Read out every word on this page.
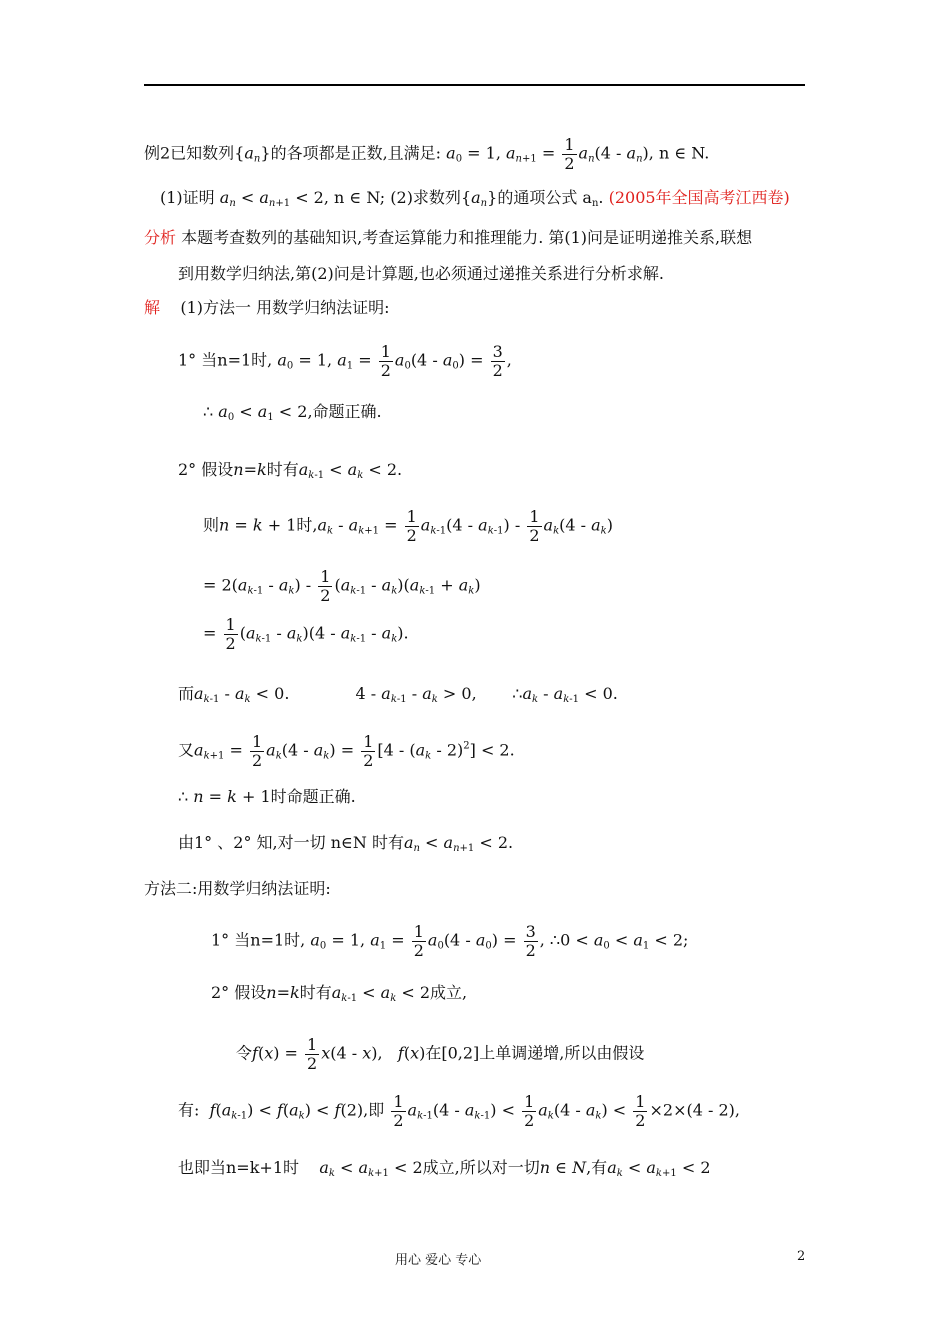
例2已知数列$\{a_n\}$的各项都是正数,且满足: $a_0 = 1$, $a_{n+1} = \frac{1}{2} a_n(4 - a_n)$, n ∈ N.
(1)证明 $a_n < a_{n+1} < 2$, n ∈ N; (2)求数列$\{a_n\}$的通项公式 $a_n$. (2005年全国高考江西卷)
分析 本题考查数列的基础知识,考查运算能力和推理能力. 第(1)问是证明递推关系,联想
到用数学归纳法,第(2)问是计算题,也必须通过递推关系进行分析求解.
解 (1)方法一 用数学归纳法证明:
1° 当n=1时, $a_0 = 1$, $a_1 = \frac{1}{2} a_0(4 - a_0) = \frac{3}{2}$ ,
∴ $a_0 < a_1 < 2$,命题正确.
2° 假设n=k时有$a_{k-1} < a_k < 2$.
则n = k + 1时$,a_k - a_{k+1} = \frac{1}{2} a_{k-1}(4 - a_{k-1}) - \frac{1}{2} a_k(4 - a_k)$
= $2(a_{k-1} - a_k) - \frac{1}{2} (a_{k-1} - a_k)(a_{k-1} + a_k)$
= $\frac{1}{2} (a_{k-1} - a_k)(4 - a_{k-1} - a_k)$.
而$a_{k-1} - a_k < 0$.             $4 - a_{k-1} - a_k > 0$,       $\therefore a_k - a_{k-1} < 0$.
又$a_{k+1} = \frac{1}{2} a_k(4 - a_k) = \frac{1}{2} [4 - (a_k - 2)^2] < 2$.
∴ n = k + 1时命题正确.
由1° 、2° 知,对一切 n∈N 时有$a_n < a_{n+1} < 2$.
方法二:用数学归纳法证明:
1° 当n=1时, $a_0 = 1$, $a_1 = \frac{1}{2} a_0(4 - a_0) = \frac{3}{2}$ , ∴0 < $a_0 < a_1 < 2$;
2° 假设n=k时有$a_{k-1} < a_k < 2$成立,
令$f(x) = \frac{1}{2} x(4 - x)$,   f(x)在[0,2]上单调递增,所以由假设
有: $f(a_{k-1}) < f(a_k) < f(2)$,即 $\frac{1}{2} a_{k-1}(4 - a_{k-1}) < \frac{1}{2} a_k(4 - a_k) < \frac{1}{2} \times 2\times(4 - 2)$,
也即当n=k+1时 $a_k < a_{k+1} < 2$成立,所以对一切n ∈ N,有$a_k < a_{k+1} < 2$
用心 爱心 专心	2
